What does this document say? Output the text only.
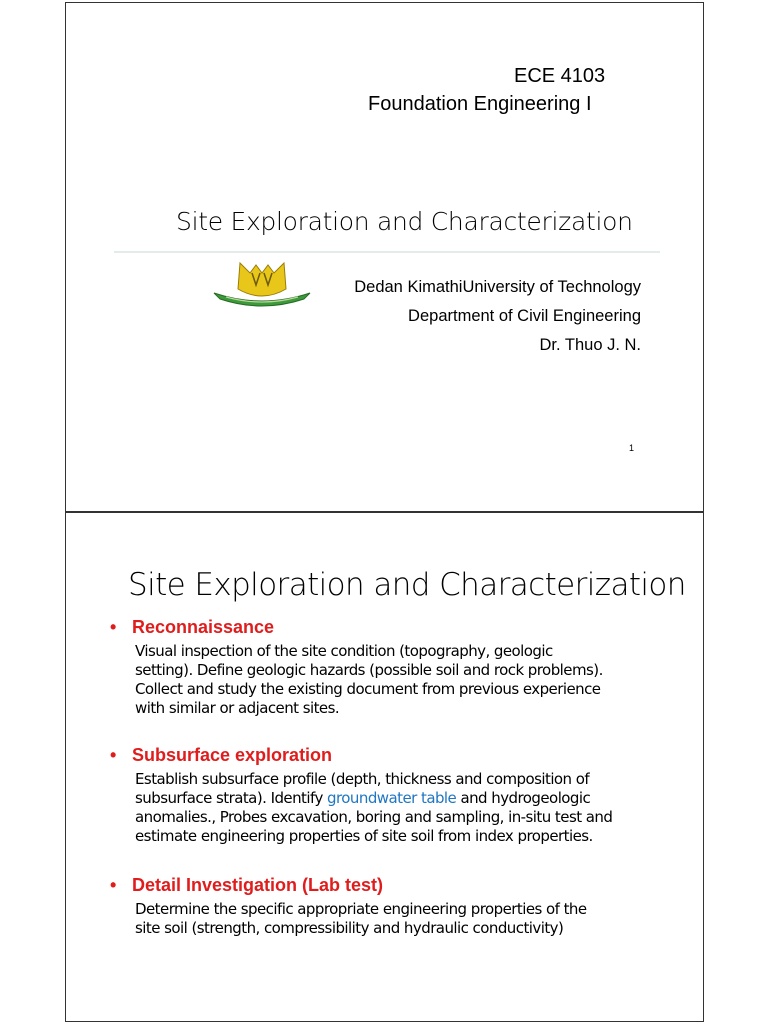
ECE 4103
Foundation Engineering I
Site Exploration and Characterization
Dedan KimathiUniversity of Technology
Department of Civil Engineering
Dr. Thuo J. N.
1
Site Exploration and Characterization
• Reconnaissance
Visual inspection of the site condition (topography, geologic
setting). Define geologic hazards (possible soil and rock problems).
Collect and study the existing document from previous experience
with similar or adjacent sites.
• Subsurface exploration
Establish subsurface profile (depth, thickness and composition of
subsurface strata). Identify groundwater table and hydrogeologic
anomalies., Probes excavation, boring and sampling, in-situ test and
estimate engineering properties of site soil from index properties.
• Detail Investigation (Lab test)
Determine the specific appropriate engineering properties of the
site soil (strength, compressibility and hydraulic conductivity)
